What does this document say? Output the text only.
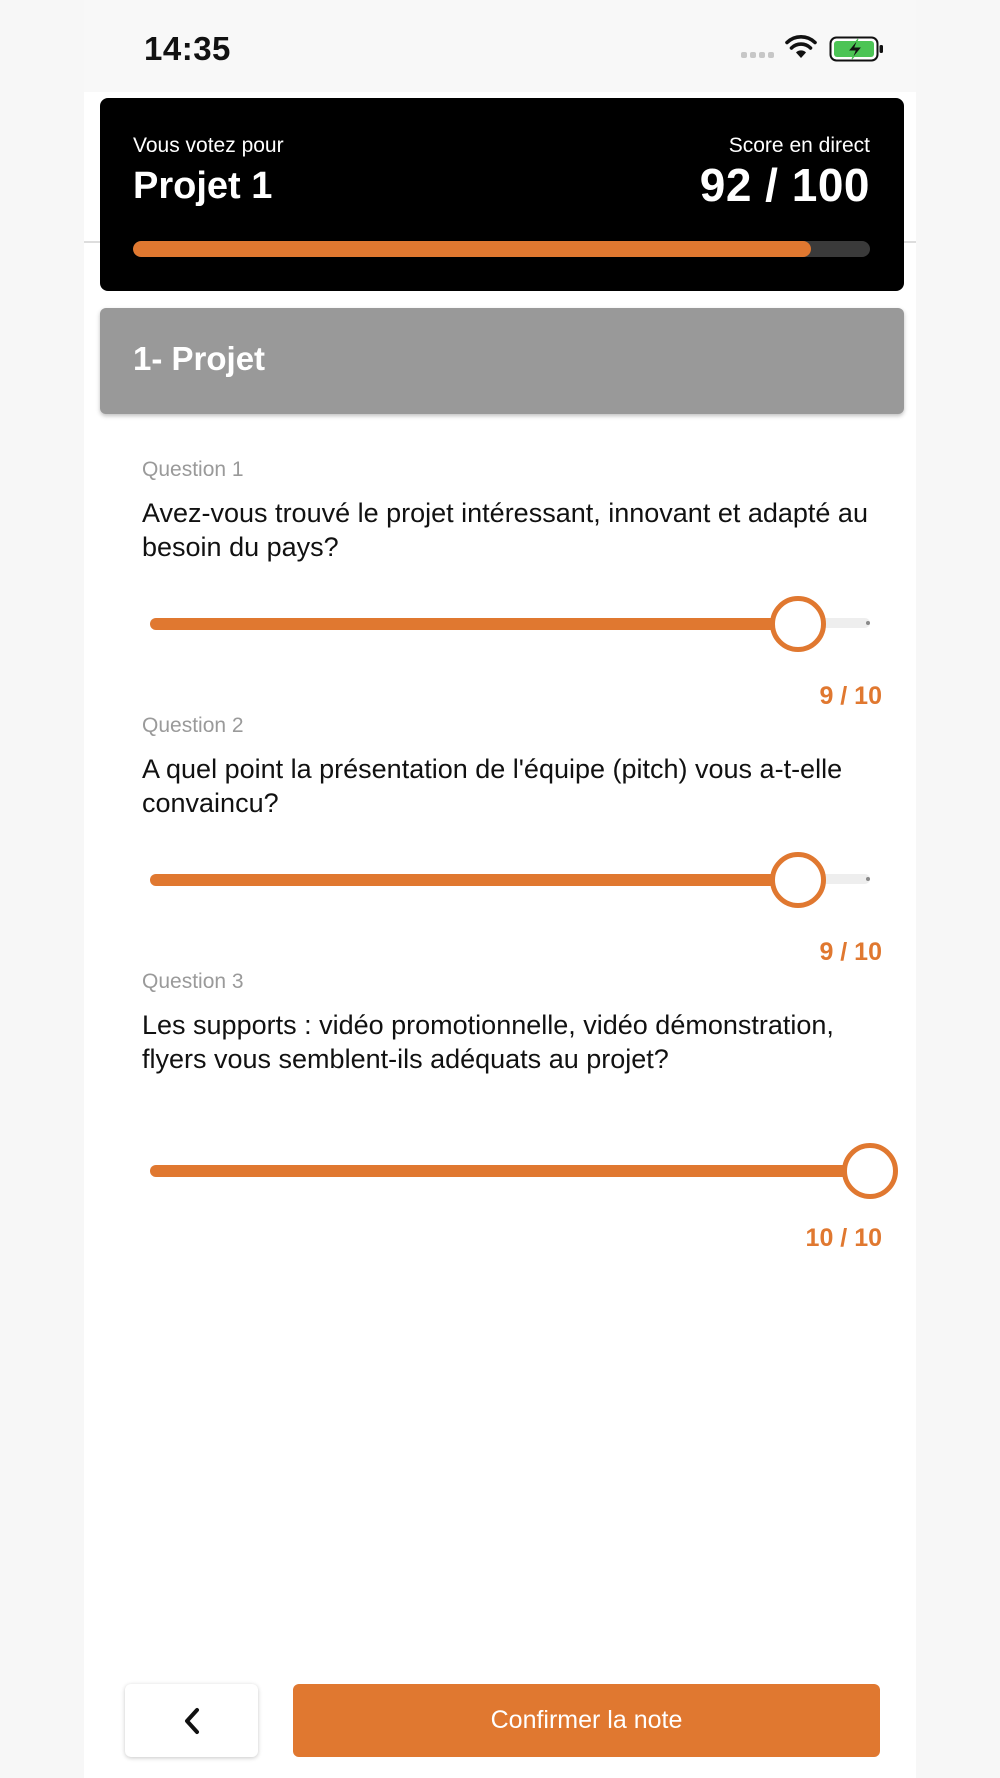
14:35
Vous votez pour
Projet 1
Score en direct
92 / 100
1- Projet
Question 1
Avez-vous trouvé le projet intéressant, innovant et adapté au besoin du pays?
9 / 10
Question 2
A quel point la présentation de l'équipe (pitch) vous a-t-elle convaincu?
9 / 10
Question 3
Les supports : vidéo promotionnelle, vidéo démonstration, flyers vous semblent-ils adéquats au projet?
10 / 10
Confirmer la note
